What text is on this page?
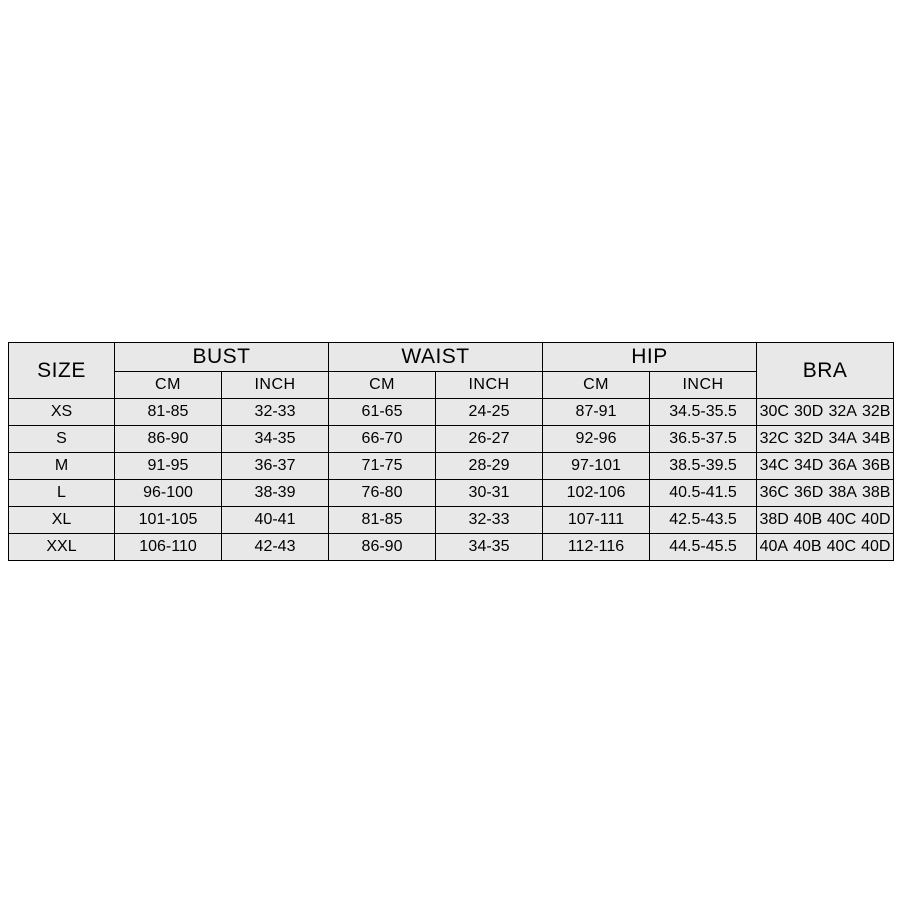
SIZE	BUST		WAIST		HIP		BRA
	CM	INCH	CM	INCH	CM	INCH	
XS	81-85	32-33	61-65	24-25	87-91	34.5-35.5	30C 30D 32A 32B

S	86-90	34-35	66-70	26-27	92-96	36.5-37.5	32C 32D 34A 34B

M	91-95	36-37	71-75	28-29	97-101	38.5-39.5	34C 34D 36A 36B

L	96-100	38-39	76-80	30-31	102-106	40.5-41.5	36C 36D 38A 38B

XL	101-105	40-41	81-85	32-33	107-111	42.5-43.5	38D 40B 40C 40D

XXL	106-110	42-43	86-90	34-35	112-116	44.5-45.5	40A 40B 40C 40D
